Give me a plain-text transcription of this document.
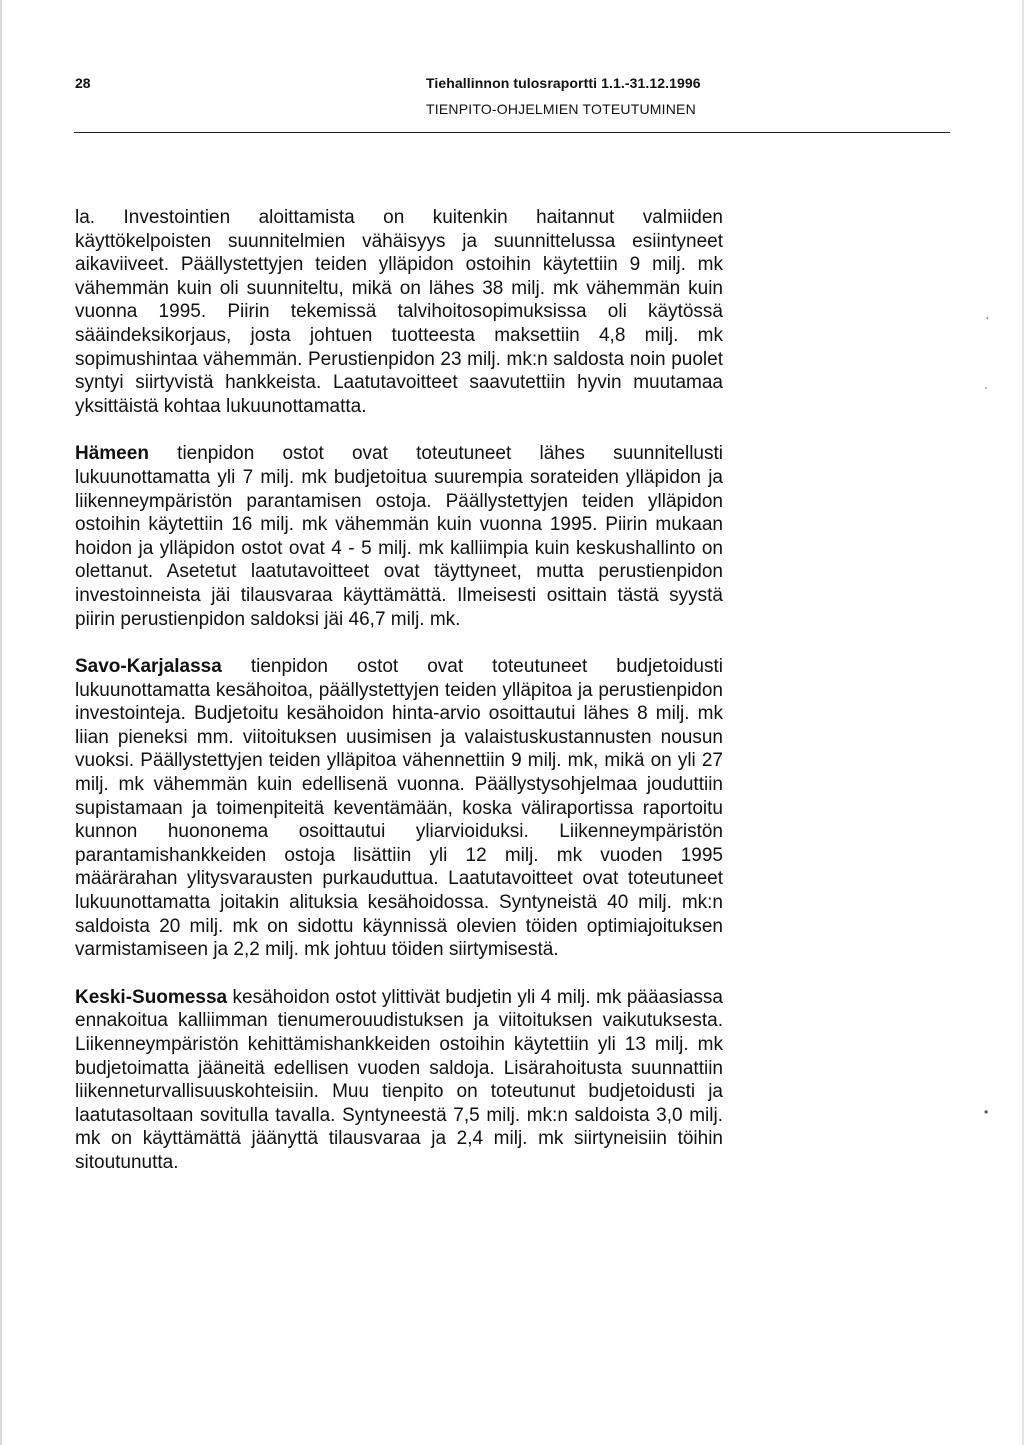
28	Tiehallinnon tulosraportti 1.1.-31.12.1996
TIENPITO-OHJELMIEN TOTEUTUMINEN

la. Investointien aloittamista on kuitenkin haitannut valmiiden käyttökelpoisten suunnitelmien vähäisyys ja suunnittelussa esiintyneet aikaviiveet. Päällystettyjen teiden ylläpidon ostoihin käytettiin 9 milj. mk vähemmän kuin oli suunniteltu, mikä on lähes 38 milj. mk vähemmän kuin vuonna 1995. Piirin tekemissä talvihoitosopimuksissa oli käytössä sääindeksikorjaus, josta johtuen tuotteesta maksettiin 4,8 milj. mk sopimushintaa vähemmän. Perustienpidon 23 milj. mk:n saldosta noin puolet syntyi siirtyvistä hankkeista. Laatutavoitteet saavutettiin hyvin muutamaa yksittäistä kohtaa lukuunottamatta.

Hämeen tienpidon ostot ovat toteutuneet lähes suunnitellusti lukuunottamatta yli 7 milj. mk budjetoitua suurempia sorateiden ylläpidon ja liikenneympäristön parantamisen ostoja. Päällystettyjen teiden ylläpidon ostoihin käytettiin 16 milj. mk vähemmän kuin vuonna 1995. Piirin mukaan hoidon ja ylläpidon ostot ovat 4 - 5 milj. mk kalliimpia kuin keskushallinto on olettanut. Asetetut laatutavoitteet ovat täyttyneet, mutta perustienpidon investoinneista jäi tilausvaraa käyttämättä. Ilmeisesti osittain tästä syystä piirin perustienpidon saldoksi jäi 46,7 milj. mk.

Savo-Karjalassa tienpidon ostot ovat toteutuneet budjetoidusti lukuunottamatta kesähoitoa, päällystettyjen teiden ylläpitoa ja perustienpidon investointeja. Budjetoitu kesähoidon hinta-arvio osoittautui lähes 8 milj. mk liian pieneksi mm. viitoituksen uusimisen ja valaistuskustannusten nousun vuoksi. Päällystettyjen teiden ylläpitoa vähennettiin 9 milj. mk, mikä on yli 27 milj. mk vähemmän kuin edellisenä vuonna. Päällystysohjelmaa jouduttiin supistamaan ja toimenpiteitä keventämään, koska väliraportissa raportoitu kunnon huononema osoittautui yliarvioiduksi. Liikenneympäristön parantamishankkeiden ostoja lisättiin yli 12 milj. mk vuoden 1995 määrärahan ylitysvarausten purkauduttua. Laatutavoitteet ovat toteutuneet lukuunottamatta joitakin alituksia kesähoidossa. Syntyneistä 40 milj. mk:n saldoista 20 milj. mk on sidottu käynnissä olevien töiden optimiajoituksen varmistamiseen ja 2,2 milj. mk johtuu töiden siirtymisestä.

Keski-Suomessa kesähoidon ostot ylittivät budjetin yli 4 milj. mk pääasiassa ennakoitua kalliimman tienumerouudistuksen ja viitoituksen vaikutuksesta. Liikenneympäristön kehittämishankkeiden ostoihin käytettiin yli 13 milj. mk budjetoimatta jääneitä edellisen vuoden saldoja. Lisärahoitusta suunnattiin liikenneturvallisuuskohteisiin. Muu tienpito on toteutunut budjetoidusti ja laatutasoltaan sovitulla tavalla. Syntyneestä 7,5 milj. mk:n saldoista 3,0 milj. mk on käyttämättä jäänyttä tilausvaraa ja 2,4 milj. mk siirtyneisiin töihin sitoutunutta.

‘
·
•
